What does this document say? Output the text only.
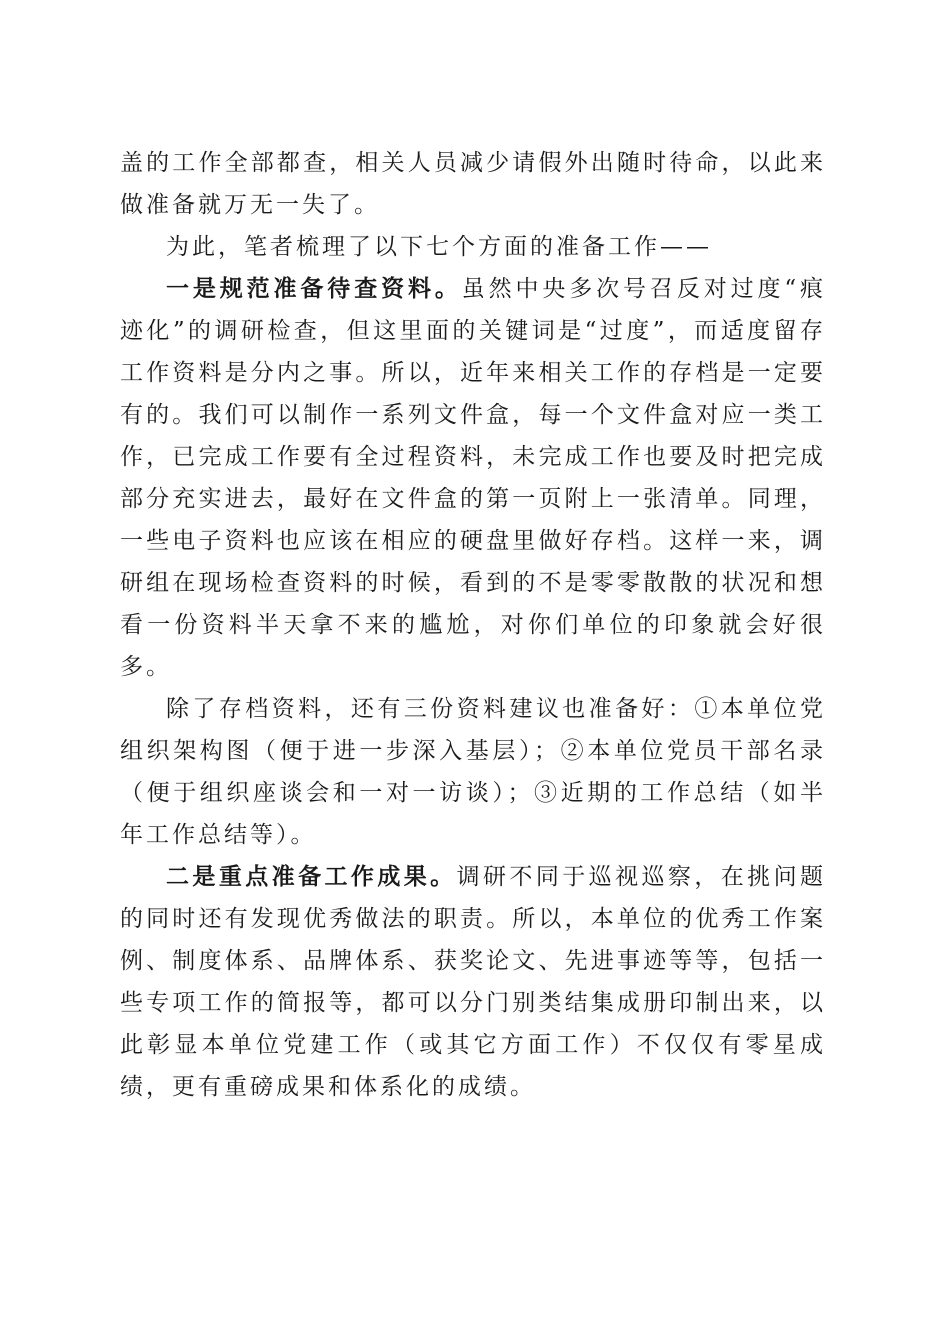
盖的工作全部都查，相关人员减少请假外出随时待命，以此来做准备就万无一失了。

为此，笔者梳理了以下七个方面的准备工作——

一是规范准备待查资料。虽然中央多次号召反对过度“痕迹化”的调研检查，但这里面的关键词是“过度”，而适度留存工作资料是分内之事。所以，近年来相关工作的存档是一定要有的。我们可以制作一系列文件盒，每一个文件盒对应一类工作，已完成工作要有全过程资料，未完成工作也要及时把完成部分充实进去，最好在文件盒的第一页附上一张清单。同理，一些电子资料也应该在相应的硬盘里做好存档。这样一来，调研组在现场检查资料的时候，看到的不是零零散散的状况和想看一份资料半天拿不来的尴尬，对你们单位的印象就会好很多。

除了存档资料，还有三份资料建议也准备好：①本单位党组织架构图（便于进一步深入基层）；②本单位党员干部名录（便于组织座谈会和一对一访谈）；③近期的工作总结（如半年工作总结等）。

二是重点准备工作成果。调研不同于巡视巡察，在挑问题的同时还有发现优秀做法的职责。所以，本单位的优秀工作案例、制度体系、品牌体系、获奖论文、先进事迹等等，包括一些专项工作的简报等，都可以分门别类结集成册印制出来，以此彰显本单位党建工作（或其它方面工作）不仅仅有零星成绩，更有重磅成果和体系化的成绩。
